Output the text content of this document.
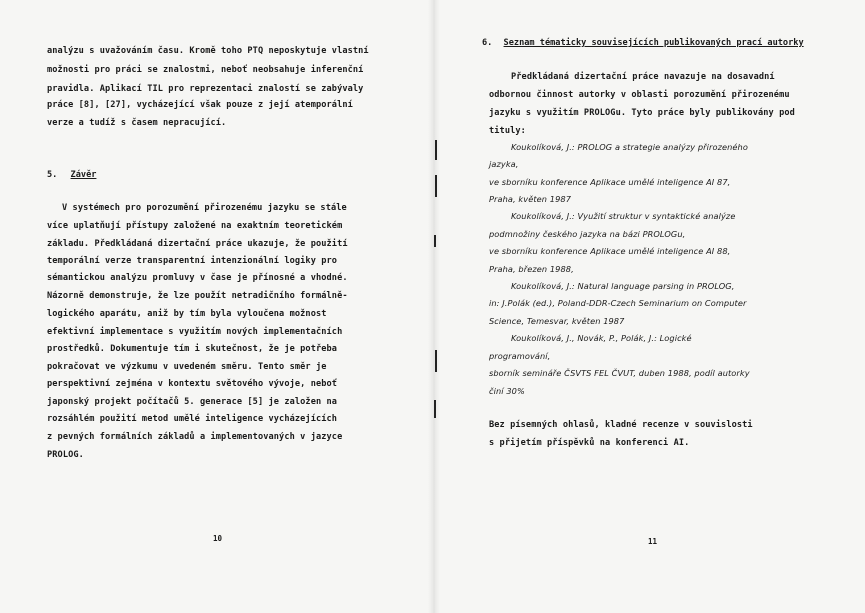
analýzu s uvažováním času. Kromě toho PTQ neposkytuje vlastní
možnosti pro práci se znalostmi, neboť neobsahuje inferenční
pravidla. Aplikací TIL pro reprezentaci znalostí se zabývaly
práce [8], [27], vycházející však pouze z její atemporální
verze a tudíž s časem nepracující.
5. Závěr
V systémech pro porozumění přirozenému jazyku se stále
více uplatňují přístupy založené na exaktním teoretickém
základu. Předkládaná dizertační práce ukazuje, že použití
temporální verze transparentní intenzionální logiky pro
sémantickou analýzu promluvy v čase je přínosné a vhodné.
Názorně demonstruje, že lze použít netradičního formálně-
logického aparátu, aniž by tím byla vyloučena možnost
efektivní implementace s využitím nových implementačních
prostředků. Dokumentuje tím i skutečnost, že je potřeba
pokračovat ve výzkumu v uvedeném směru. Tento směr je
perspektivní zejména v kontextu světového vývoje, neboť
japonský projekt počítačů 5. generace [5] je založen na
rozsáhlém použití metod umělé inteligence vycházejících
z pevných formálních základů a implementovaných v jazyce
PROLOG.
10
6. Seznam tématicky souvisejících publikovaných prací autorky
Předkládaná dizertační práce navazuje na dosavadní
odbornou činnost autorky v oblasti porozumění přirozenému
jazyku s využitím PROLOGu. Tyto práce byly publikovány pod
tituly:
Koukolíková, J.: PROLOG a strategie analýzy přirozeného
jazyka,
ve sborníku konference Aplikace umělé inteligence AI 87,
Praha, květen 1987
Koukolíková, J.: Využití struktur v syntaktické analýze
podmnožiny českého jazyka na bázi PROLOGu,
ve sborníku konference Aplikace umělé inteligence AI 88,
Praha, březen 1988,
Koukolíková, J.: Natural language parsing in PROLOG,
in: J.Polák (ed.), Poland-DDR-Czech Seminarium on Computer
Science, Temesvar, květen 1987
Koukolíková, J., Novák, P., Polák, J.: Logické
programování,
sborník semináře ČSVTS FEL ČVUT, duben 1988, podíl autorky
činí 30%
Bez písemných ohlasů, kladné recenze v souvislosti
s přijetím příspěvků na konferenci AI.
11
